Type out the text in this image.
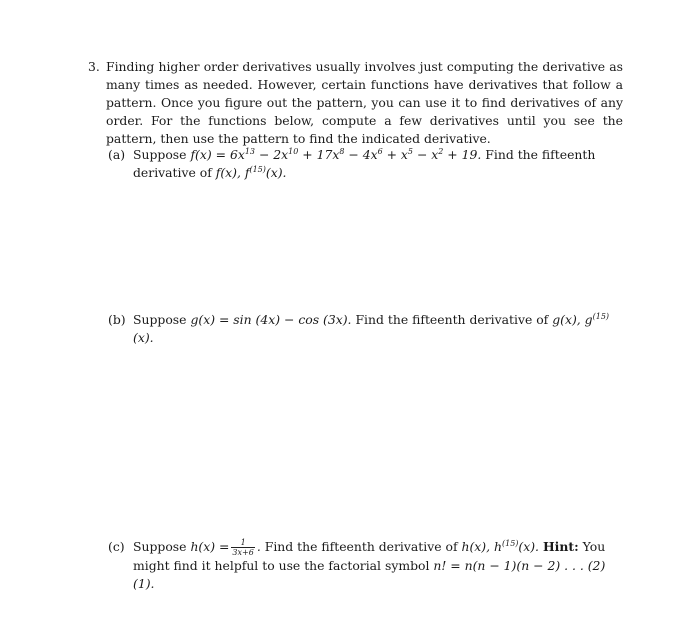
3. Finding higher order derivatives usually involves just computing the derivative as many times as needed. However, certain functions have derivatives that follow a pattern. Once you figure out the pattern, you can use it to find derivatives of any order. For the functions below, compute a few derivatives until you see the pattern, then use the pattern to find the indicated derivative.
(a) Suppose $f(x) = 6x^{13} - 2x^{10} + 17x^8 - 4x^6 + x^5 - x^2 + 19$. Find the fifteenth derivative of f(x), $f^{(15)}(x)$.
(b) Suppose g(x) = sin (4x) − cos (3x). Find the fifteenth derivative of g(x), $g^{(15)}(x)$.
(c) Suppose $h(x) = \frac{1}{3x+6}$ . Find the fifteenth derivative of h(x), $h^{(15)}(x)$. Hint: You might find it helpful to use the factorial symbol n! = n(n − 1)(n − 2) . . . (2)(1).
